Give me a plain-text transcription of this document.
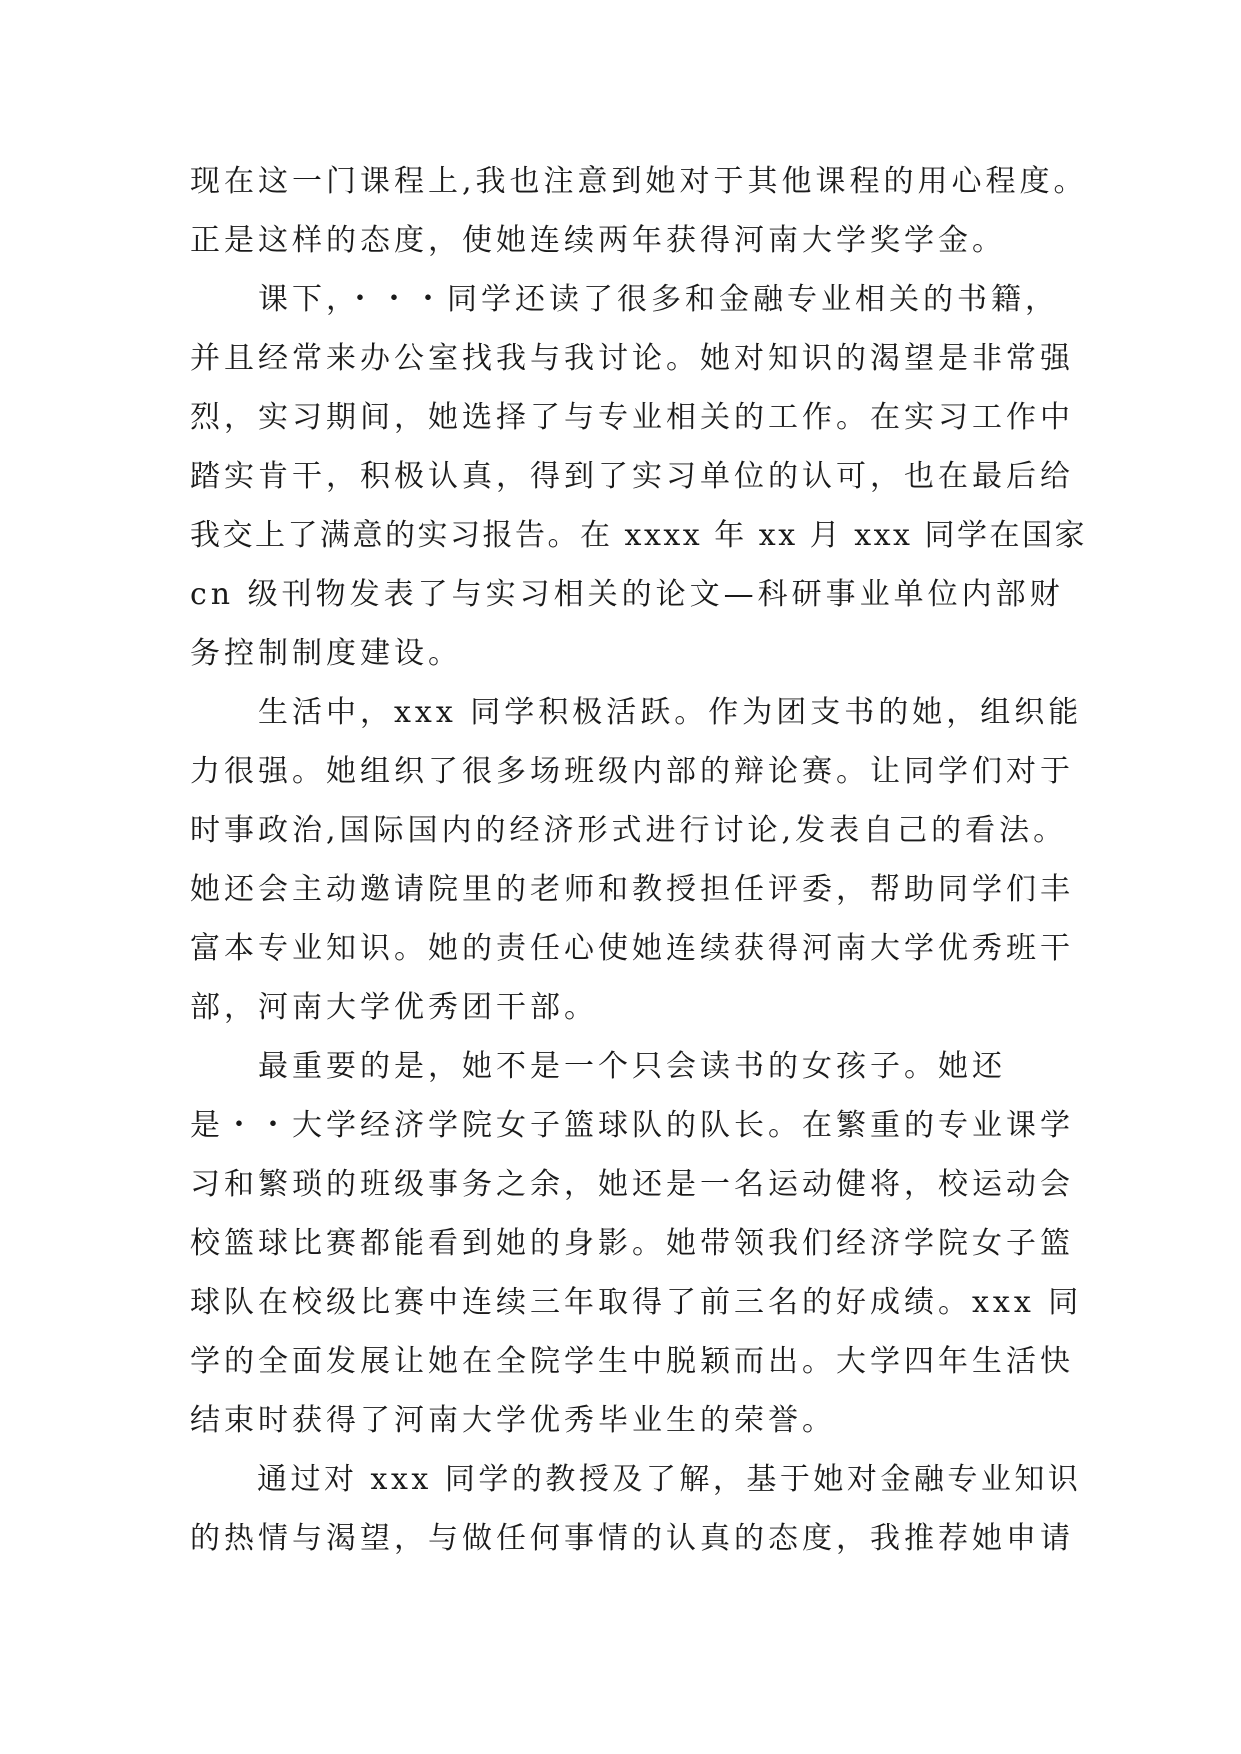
现在这一门课程上,我也注意到她对于其他课程的用心程度。
正是这样的态度，使她连续两年获得河南大学奖学金。
　　课下，・・・同学还读了很多和金融专业相关的书籍，
并且经常来办公室找我与我讨论。她对知识的渴望是非常强
烈，实习期间，她选择了与专业相关的工作。在实习工作中
踏实肯干，积极认真，得到了实习单位的认可，也在最后给
我交上了满意的实习报告。在 xxxx 年 xx 月 xxx 同学在国家
cn 级刊物发表了与实习相关的论文—科研事业单位内部财
务控制制度建设。
　　生活中，xxx 同学积极活跃。作为团支书的她，组织能
力很强。她组织了很多场班级内部的辩论赛。让同学们对于
时事政治,国际国内的经济形式进行讨论,发表自己的看法。
她还会主动邀请院里的老师和教授担任评委，帮助同学们丰
富本专业知识。她的责任心使她连续获得河南大学优秀班干
部，河南大学优秀团干部。
　　最重要的是，她不是一个只会读书的女孩子。她还
是・・大学经济学院女子篮球队的队长。在繁重的专业课学
习和繁琐的班级事务之余，她还是一名运动健将，校运动会
校篮球比赛都能看到她的身影。她带领我们经济学院女子篮
球队在校级比赛中连续三年取得了前三名的好成绩。xxx 同
学的全面发展让她在全院学生中脱颖而出。大学四年生活快
结束时获得了河南大学优秀毕业生的荣誉。
　　通过对 xxx 同学的教授及了解，基于她对金融专业知识
的热情与渴望，与做任何事情的认真的态度，我推荐她申请
